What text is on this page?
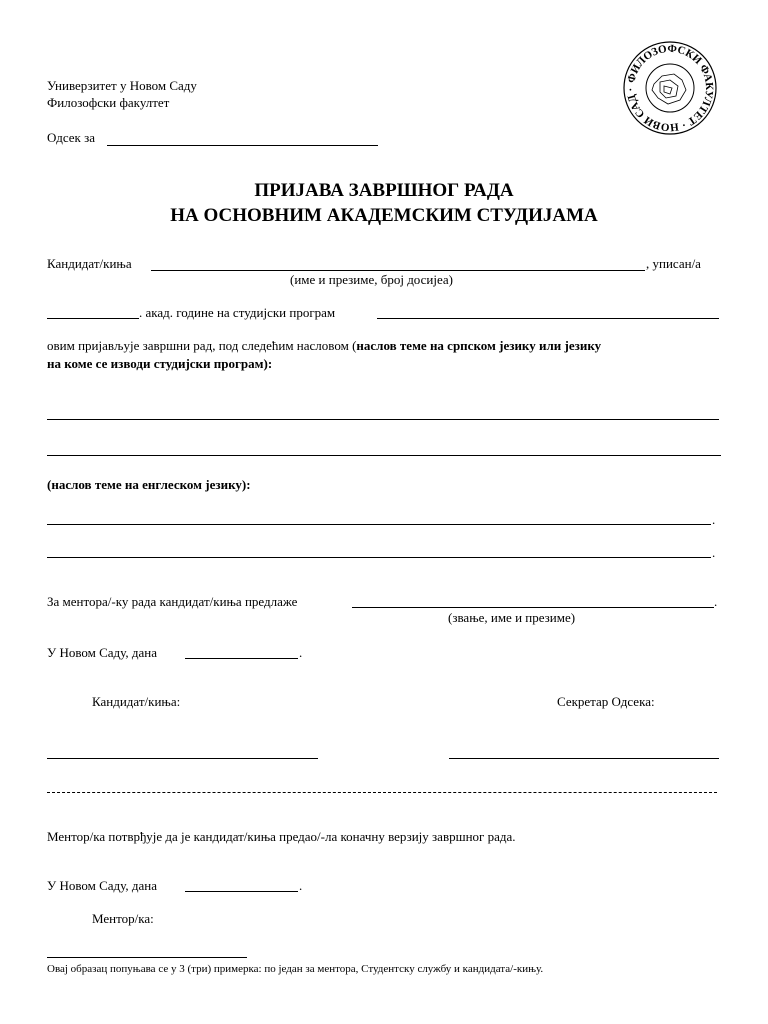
Универзитет у Новом Саду
Филозофски факултет
Одсек за
ФИЛОЗОФСКИ ФАКУЛТЕТ · НОВИ САД ·
ПРИЈАВА ЗАВРШНОГ РАДА
НА ОСНОВНИМ АКАДЕМСКИМ СТУДИЈАМА
Кандидат/киња	, уписан/а
(име и презиме, број досијеа)
. акад. године на студијски програм
овим пријављује завршни рад, под следећим насловом (наслов теме на српском језику или језику
на коме се изводи студијски програм):
(наслов теме на енглеском језику):
.
.
За ментора/-ку рада кандидат/киња предлаже	.
(звање, име и презиме)
У Новом Саду, дана	.
Кандидат/киња:	Секретар Одсека:
Ментор/ка потврђује да је кандидат/киња предао/-ла коначну верзију завршног рада.
У Новом Саду, дана	.
Ментор/ка:
Овај образац попуњава се у 3 (три) примерка: по један за ментора, Студентску службу и кандидата/-кињу.
